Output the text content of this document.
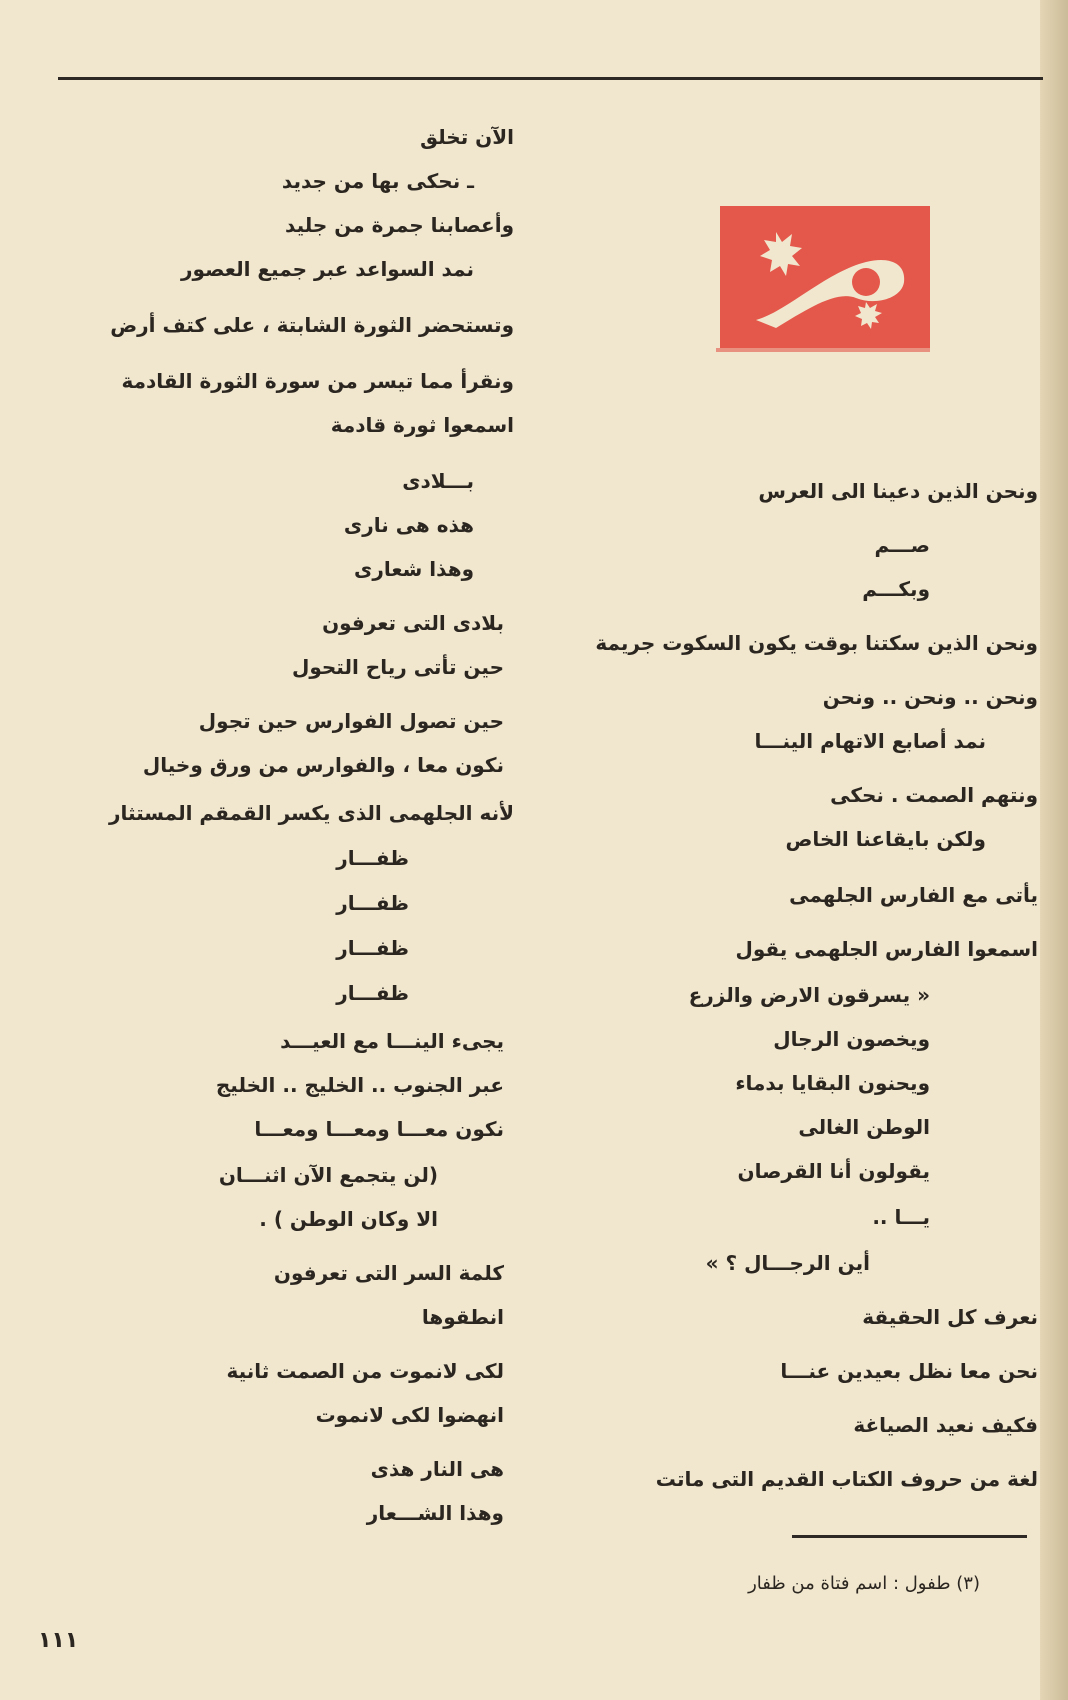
الآن تخلق
ـ نحكى بها من جديد
وأعصابنا جمرة من جليد
نمد السواعد عبر جميع العصور
وتستحضر الثورة الشابتة ، على كتف أرض
ونقرأ مما تيسر من سورة الثورة القادمة
اسمعوا ثورة قادمة
بـــلادى
هذه هى نارى
وهذا شعارى
بلادى التى تعرفون
حين تأتى رياح التحول
حين تصول الفوارس حين تجول
نكون معا ، والفوارس من ورق وخيال
لأنه الجلهمى الذى يكسر القمقم المستثار
ظفـــار
ظفـــار
ظفـــار
ظفـــار
يجىء الينـــا مع العيـــد
عبر الجنوب .. الخليج .. الخليج
نكون معـــا ومعـــا ومعـــا
(لن يتجمع الآن اثنـــان
الا وكان الوطن ) .
كلمة السر التى تعرفون
انطقوها
لكى لانموت من الصمت ثانية
انهضوا لكى لانموت
هى النار هذى
وهذا الشـــعار
ونحن الذين دعينا الى العرس
صـــم
وبكـــم
ونحن الذين سكتنا بوقت يكون السكوت جريمة
ونحن .. ونحن .. ونحن
نمد أصابع الاتهام الينـــا
ونتهم الصمت . نحكى
ولكن بايقاعنا الخاص
يأتى مع الفارس الجلهمى
اسمعوا الفارس الجلهمى يقول
« يسرقون الارض والزرع
ويخصون الرجال
ويحنون البقايا بدماء
الوطن الغالى
يقولون أنا القرصان
يـــا ..
أين الرجـــال ؟ »
نعرف كل الحقيقة
نحن معا نظل بعيدين عنـــا
فكيف نعيد الصياغة
لغة من حروف الكتاب القديم التى ماتت
(٣) طفول : اسم فتاة من ظفار
١١١
